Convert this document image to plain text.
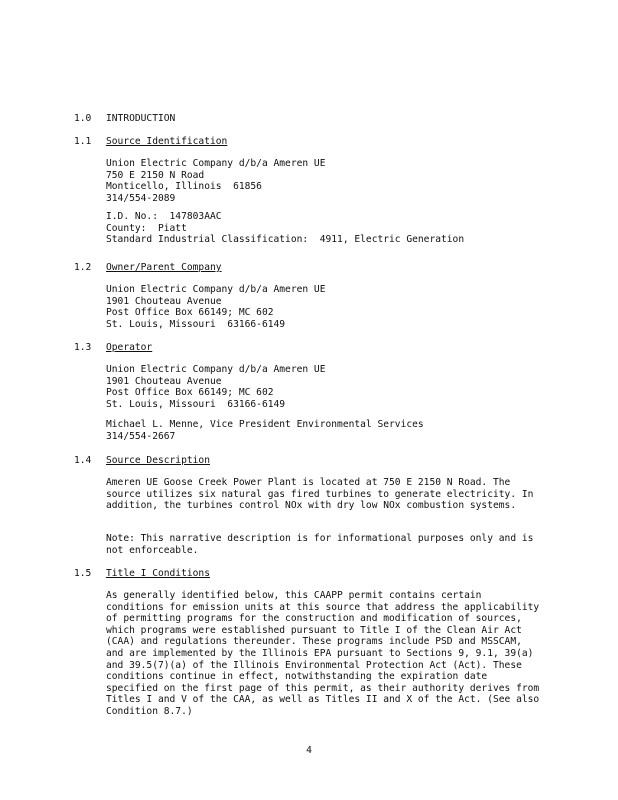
1.0 INTRODUCTION
1.1 Source Identification
Union Electric Company d/b/a Ameren UE
750 E 2150 N Road
Monticello, Illinois  61856
314/554-2089
I.D. No.:  147803AAC
County:  Piatt
Standard Industrial Classification:  4911, Electric Generation
1.2 Owner/Parent Company
Union Electric Company d/b/a Ameren UE
1901 Chouteau Avenue
Post Office Box 66149; MC 602
St. Louis, Missouri  63166-6149
1.3 Operator
Union Electric Company d/b/a Ameren UE
1901 Chouteau Avenue
Post Office Box 66149; MC 602
St. Louis, Missouri  63166-6149
Michael L. Menne, Vice President Environmental Services
314/554-2667
1.4 Source Description
Ameren UE Goose Creek Power Plant is located at 750 E 2150 N Road. The source utilizes six natural gas fired turbines to generate electricity. In addition, the turbines control NOx with dry low NOx combustion systems.
Note: This narrative description is for informational purposes only and is not enforceable.
1.5 Title I Conditions
As generally identified below, this CAAPP permit contains certain conditions for emission units at this source that address the applicability of permitting programs for the construction and modification of sources, which programs were established pursuant to Title I of the Clean Air Act (CAA) and regulations thereunder. These programs include PSD and MSSCAM, and are implemented by the Illinois EPA pursuant to Sections 9, 9.1, 39(a) and 39.5(7)(a) of the Illinois Environmental Protection Act (Act). These conditions continue in effect, notwithstanding the expiration date specified on the first page of this permit, as their authority derives from Titles I and V of the CAA, as well as Titles II and X of the Act. (See also Condition 8.7.)
4
